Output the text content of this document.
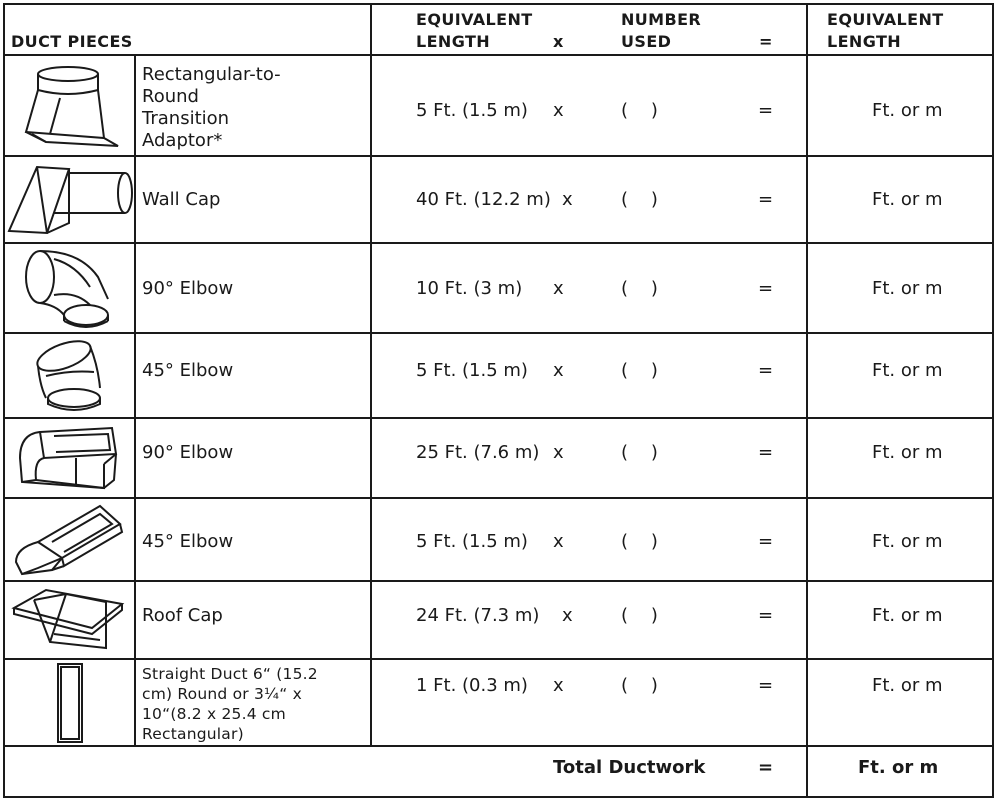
DUCT PIECES
EQUIVALENT
LENGTH	x
NUMBER
USED	=
EQUIVALENT
LENGTH
Rectangular-to-
Round
Transition
Adaptor*
5 Ft. (1.5 m) x	(    )	=	Ft. or m
Wall Cap	40 Ft. (12.2 m) x	(    )	=	Ft. or m
90° Elbow	10 Ft. (3 m) x	(    )	=	Ft. or m
45° Elbow	5 Ft. (1.5 m) x	(    )	=	Ft. or m
90° Elbow	25 Ft. (7.6 m) x	(    )	=	Ft. or m
45° Elbow	5 Ft. (1.5 m) x	(    )	=	Ft. or m
Roof Cap	24 Ft. (7.3 m) x	(    )	=	Ft. or m
Straight Duct 6“ (15.2
cm) Round or 3¼“ x
10“(8.2 x 25.4 cm
Rectangular)
1 Ft. (0.3 m) x	(    )	=	Ft. or m
Total Ductwork	=	Ft. or m
